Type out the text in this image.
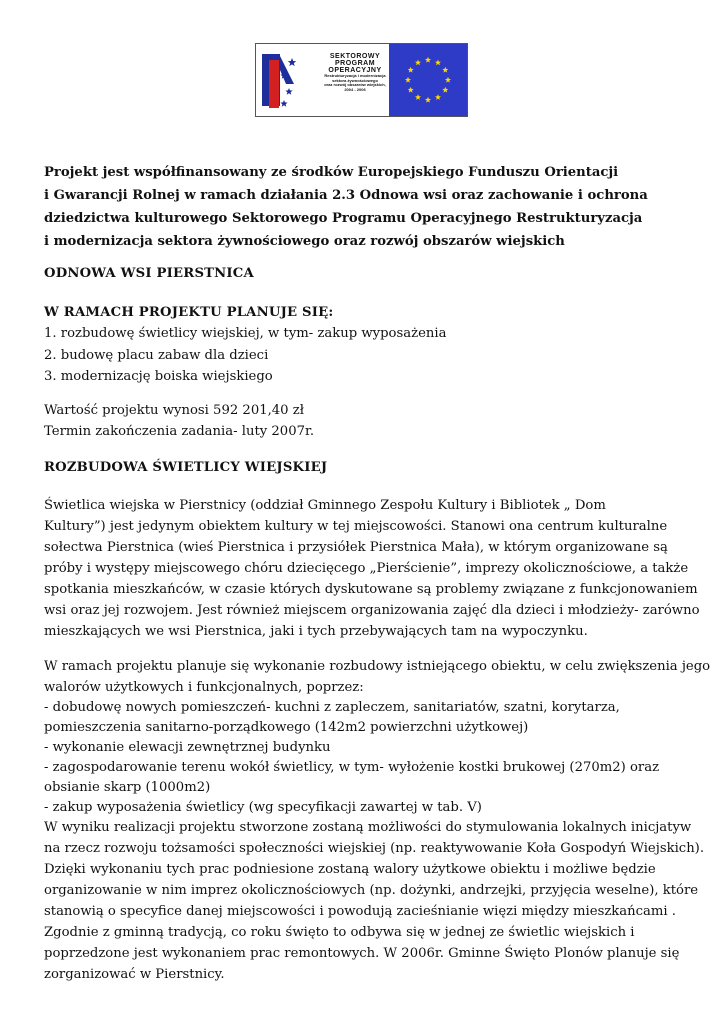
SEKTOROWY
PROGRAM
OPERACYJNY
Restrukturyzacja i modernizacja
sektora żywnościowego
oraz rozwój obszarów wiejskich,
2004 - 2006

Projekt jest współfinansowany ze środków Europejskiego Funduszu Orientacji

i Gwarancji Rolnej w ramach działania 2.3 Odnowa wsi oraz zachowanie i ochrona

dziedzictwa kulturowego Sektorowego Programu Operacyjnego Restrukturyzacja

i modernizacja sektora żywnościowego oraz rozwój obszarów wiejskich

ODNOWA WSI PIERSTNICA

W RAMACH PROJEKTU PLANUJE SIĘ:

1. rozbudowę świetlicy wiejskiej, w tym- zakup wyposażenia

2. budowę placu zabaw dla dzieci

3. modernizację boiska wiejskiego

Wartość projektu wynosi 592 201,40 zł

Termin zakończenia zadania- luty 2007r.

ROZBUDOWA ŚWIETLICY WIEJSKIEJ

Świetlica wiejska w Pierstnicy (oddział Gminnego Zespołu Kultury i Bibliotek „ Dom

Kultury”) jest jedynym obiektem kultury w tej miejscowości. Stanowi ona centrum kulturalne

sołectwa Pierstnica (wieś Pierstnica i przysiółek Pierstnica Mała), w którym organizowane są

próby i występy miejscowego chóru dziecięcego „Pierścienie”, imprezy okolicznościowe, a także

spotkania mieszkańców, w czasie których dyskutowane są problemy związane z funkcjonowaniem

wsi oraz jej rozwojem. Jest również miejscem organizowania zajęć dla dzieci i młodzieży- zarówno

mieszkających we wsi Pierstnica, jaki i tych przebywających tam na wypoczynku.

W ramach projektu planuje się wykonanie rozbudowy istniejącego obiektu, w celu zwiększenia jego

walorów użytkowych i funkcjonalnych, poprzez:

- dobudowę nowych pomieszczeń- kuchni z zapleczem, sanitariatów, szatni, korytarza,

pomieszczenia sanitarno-porządkowego (142m2 powierzchni użytkowej)

- wykonanie elewacji zewnętrznej budynku

- zagospodarowanie terenu wokół świetlicy, w tym- wyłożenie kostki brukowej (270m2) oraz

obsianie skarp (1000m2)

- zakup wyposażenia świetlicy (wg specyfikacji zawartej w tab. V)

W wyniku realizacji projektu stworzone zostaną możliwości do stymulowania lokalnych inicjatyw

na rzecz rozwoju tożsamości społeczności wiejskiej (np. reaktywowanie Koła Gospodyń Wiejskich).

Dzięki wykonaniu tych prac podniesione zostaną walory użytkowe obiektu i możliwe będzie

organizowanie w nim imprez okolicznościowych (np. dożynki, andrzejki, przyjęcia weselne), które

stanowią o specyfice danej miejscowości i powodują zacieśnianie więzi między mieszkańcami .

Zgodnie z gminną tradycją, co roku święto to odbywa się w jednej ze świetlic wiejskich i

poprzedzone jest wykonaniem prac remontowych. W 2006r. Gminne Święto Plonów planuje się

zorganizować w Pierstnicy.
